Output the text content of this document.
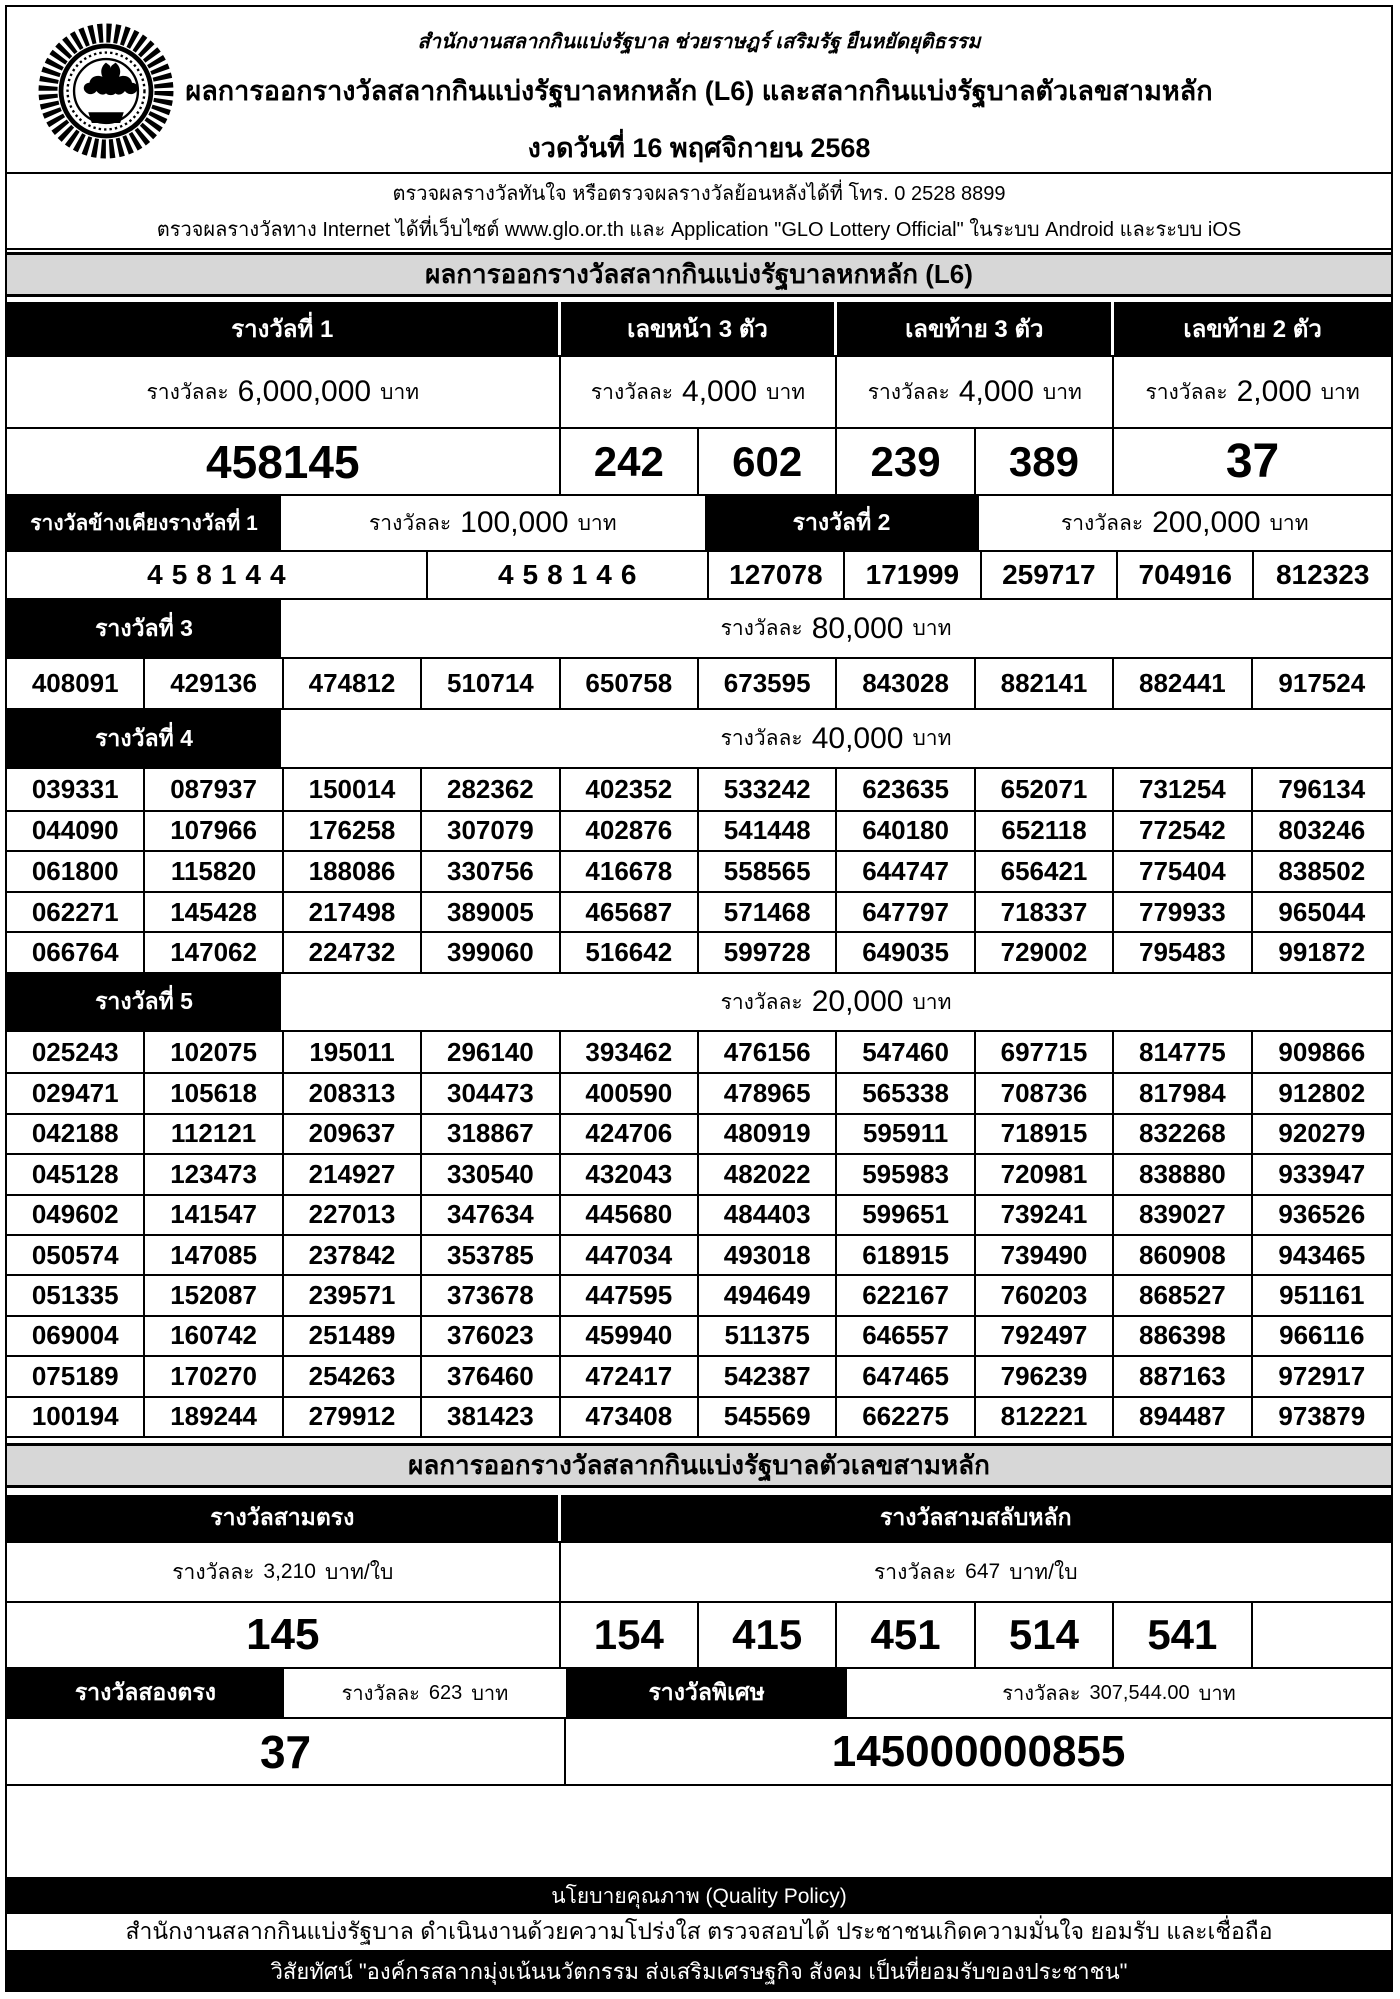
สำนักงานสลากกินแบ่งรัฐบาล ช่วยราษฎร์ เสริมรัฐ ยืนหยัดยุติธรรม
ผลการออกรางวัลสลากกินแบ่งรัฐบาลหกหลัก (L6) และสลากกินแบ่งรัฐบาลตัวเลขสามหลัก
งวดวันที่ 16 พฤศจิกายน 2568
ตรวจผลรางวัลทันใจ หรือตรวจผลรางวัลย้อนหลังได้ที่ โทร. 0 2528 8899
ตรวจผลรางวัลทาง Internet ได้ที่เว็บไซต์ www.glo.or.th และ Application "GLO Lottery Official" ในระบบ Android และระบบ iOS
ผลการออกรางวัลสลากกินแบ่งรัฐบาลหกหลัก (L6)
รางวัลที่ 1	เลขหน้า 3 ตัว	เลขท้าย 3 ตัว	เลขท้าย 2 ตัว
รางวัลละ 6,000,000 บาท	รางวัลละ 4,000 บาท	รางวัลละ 4,000 บาท	รางวัลละ 2,000 บาท
458145	242	602	239	389	37
รางวัลข้างเคียงรางวัลที่ 1	รางวัลละ 100,000 บาท	รางวัลที่ 2	รางวัลละ 200,000 บาท
458144	458146	127078	171999	259717	704916	812323
รางวัลที่ 3	รางวัลละ 80,000 บาท
408091	429136	474812	510714	650758	673595	843028	882141	882441	917524
รางวัลที่ 4	รางวัลละ 40,000 บาท
039331	087937	150014	282362	402352	533242	623635	652071	731254	796134
044090	107966	176258	307079	402876	541448	640180	652118	772542	803246
061800	115820	188086	330756	416678	558565	644747	656421	775404	838502
062271	145428	217498	389005	465687	571468	647797	718337	779933	965044
066764	147062	224732	399060	516642	599728	649035	729002	795483	991872
รางวัลที่ 5	รางวัลละ 20,000 บาท
025243	102075	195011	296140	393462	476156	547460	697715	814775	909866
029471	105618	208313	304473	400590	478965	565338	708736	817984	912802
042188	112121	209637	318867	424706	480919	595911	718915	832268	920279
045128	123473	214927	330540	432043	482022	595983	720981	838880	933947
049602	141547	227013	347634	445680	484403	599651	739241	839027	936526
050574	147085	237842	353785	447034	493018	618915	739490	860908	943465
051335	152087	239571	373678	447595	494649	622167	760203	868527	951161
069004	160742	251489	376023	459940	511375	646557	792497	886398	966116
075189	170270	254263	376460	472417	542387	647465	796239	887163	972917
100194	189244	279912	381423	473408	545569	662275	812221	894487	973879
ผลการออกรางวัลสลากกินแบ่งรัฐบาลตัวเลขสามหลัก
รางวัลสามตรง	รางวัลสามสลับหลัก
รางวัลละ 3,210 บาท/ใบ	รางวัลละ 647 บาท/ใบ
145	154	415	451	514	541
รางวัลสองตรง	รางวัลละ 623 บาท	รางวัลพิเศษ	รางวัลละ 307,544.00 บาท
37	145000000855
นโยบายคุณภาพ (Quality Policy)
สำนักงานสลากกินแบ่งรัฐบาล ดำเนินงานด้วยความโปร่งใส ตรวจสอบได้ ประชาชนเกิดความมั่นใจ ยอมรับ และเชื่อถือ
วิสัยทัศน์ "องค์กรสลากมุ่งเน้นนวัตกรรม ส่งเสริมเศรษฐกิจ สังคม เป็นที่ยอมรับของประชาชน"
